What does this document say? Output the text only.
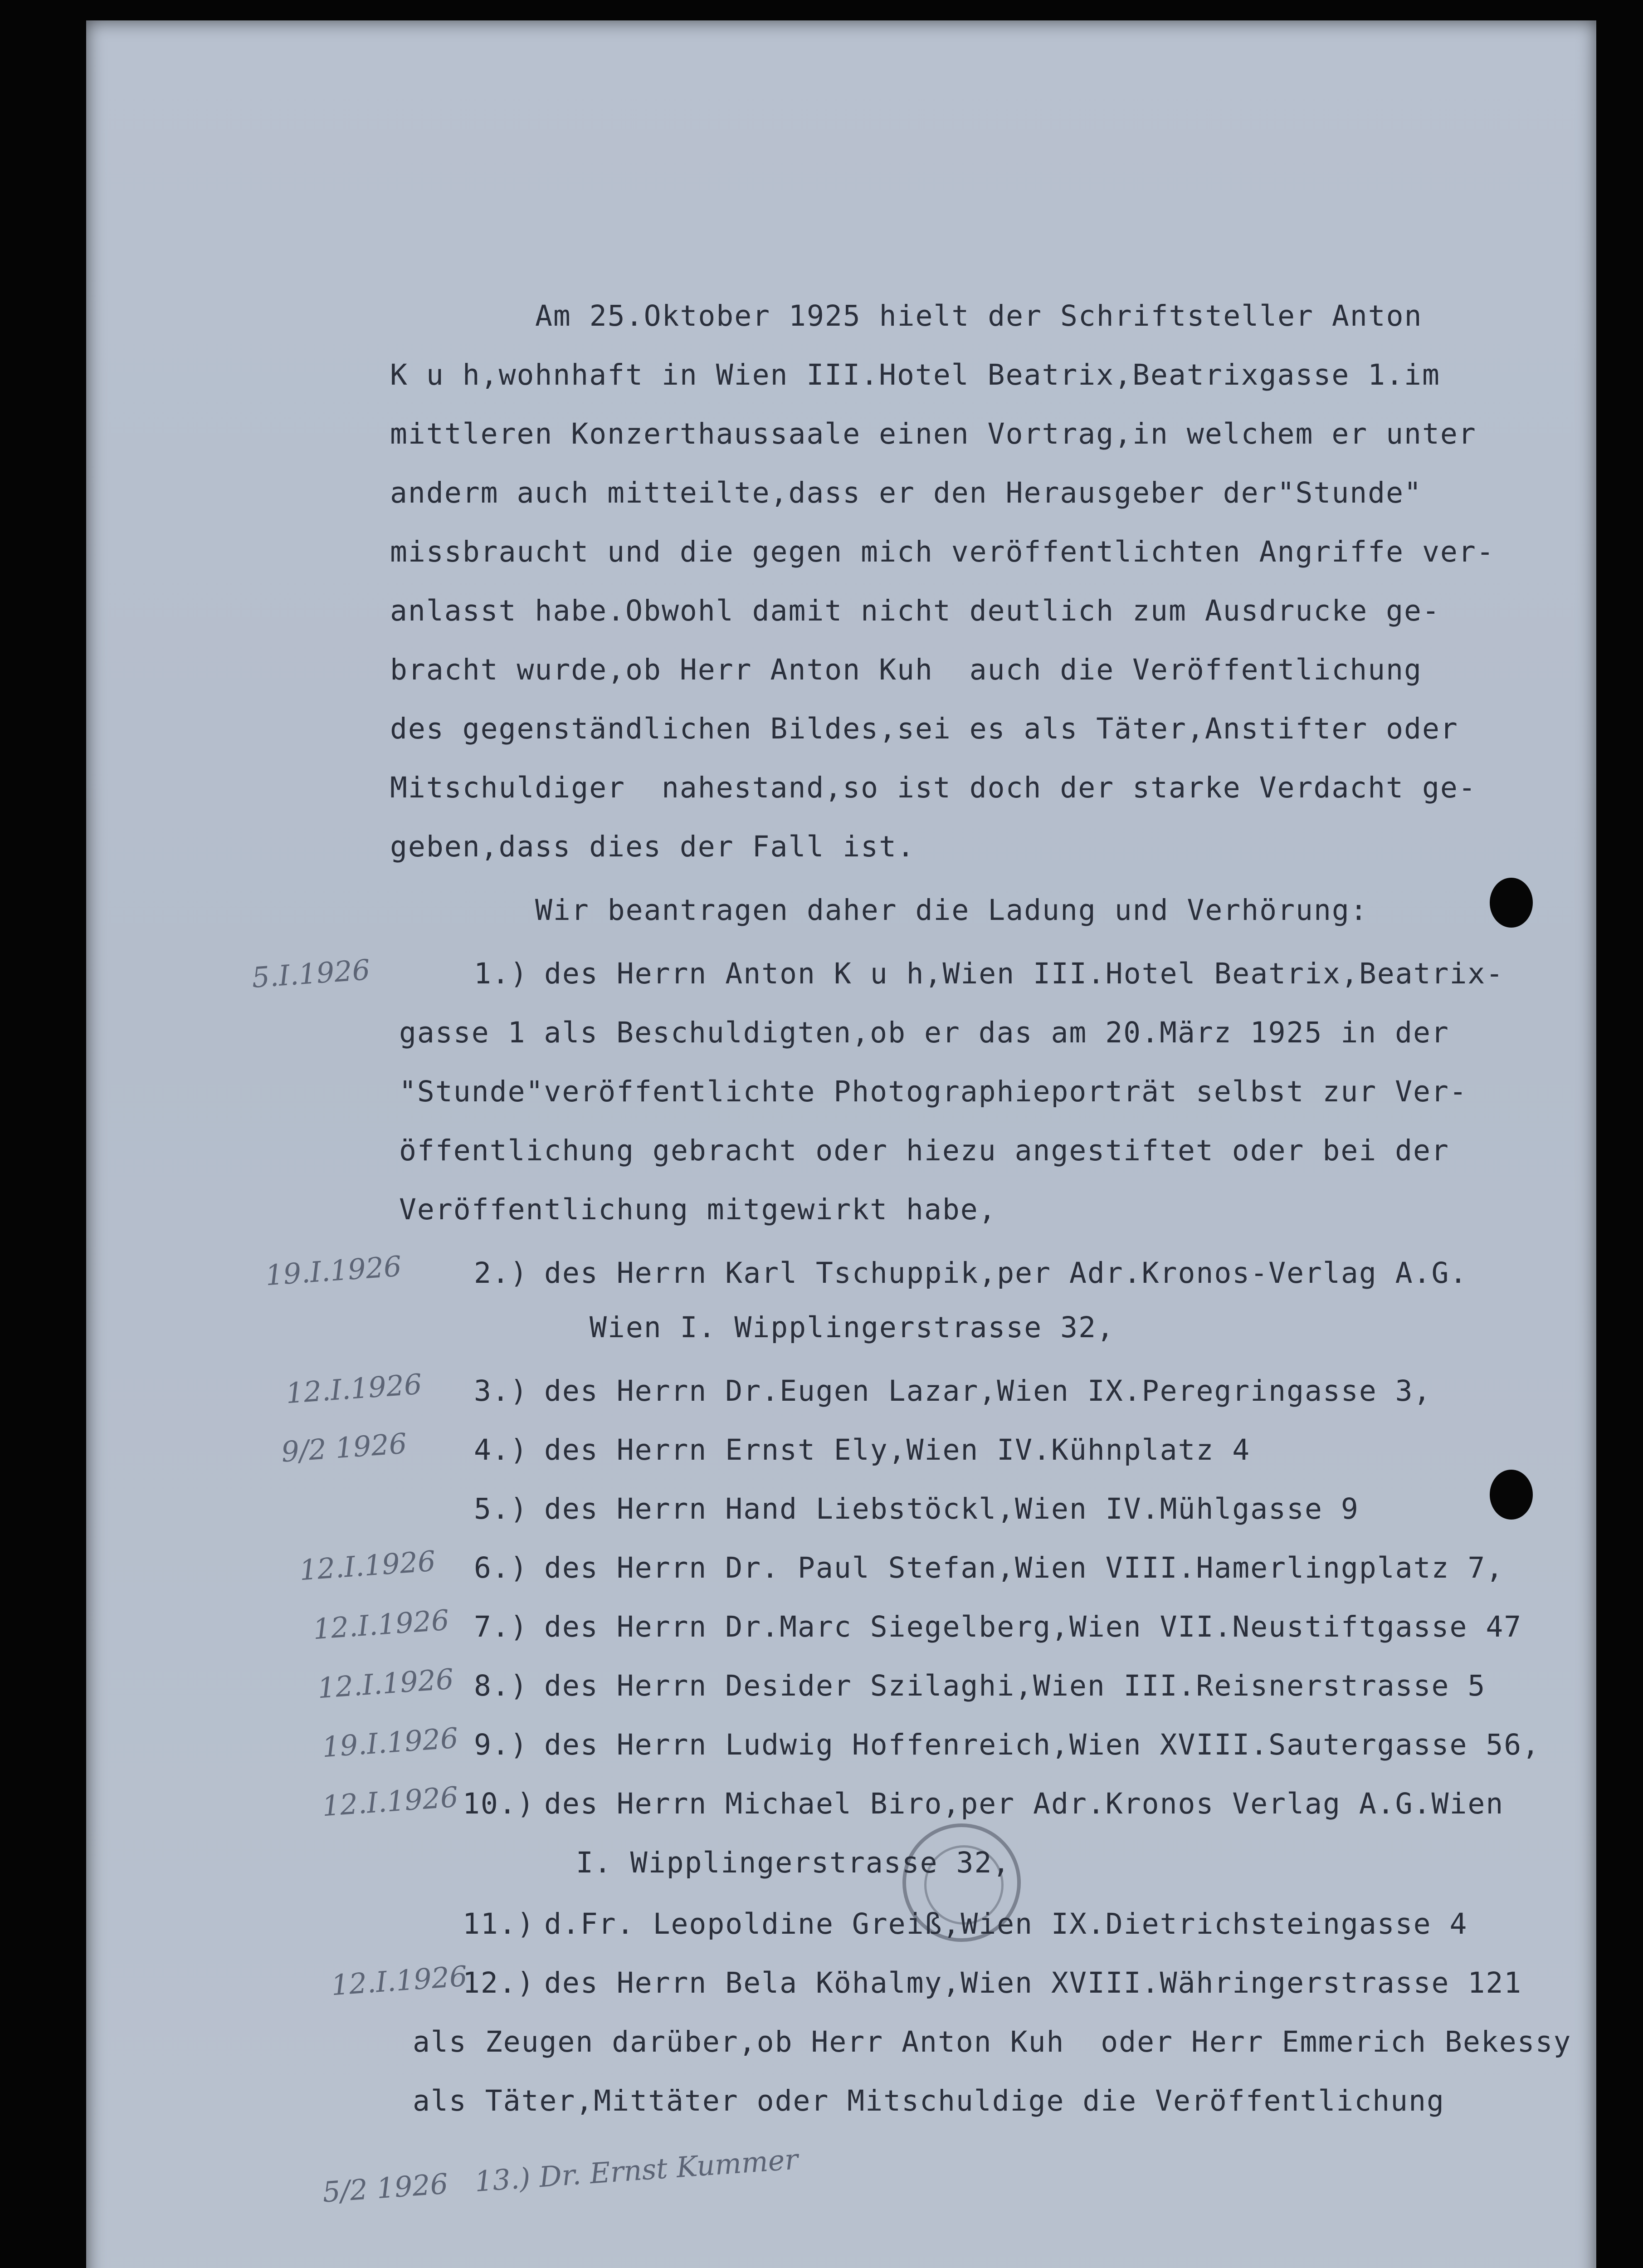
Am 25.Oktober 1925 hielt der Schriftsteller Anton
K u h,wohnhaft in Wien III.Hotel Beatrix,Beatrixgasse 1.im
mittleren Konzerthaussaale einen Vortrag,in welchem er unter
anderm auch mitteilte,dass er den Herausgeber der"Stunde"
missbraucht und die gegen mich veröffentlichten Angriffe ver-
anlasst habe.Obwohl damit nicht deutlich zum Ausdrucke ge-
bracht wurde,ob Herr Anton Kuh  auch die Veröffentlichung
des gegenständlichen Bildes,sei es als Täter,Anstifter oder
Mitschuldiger  nahestand,so ist doch der starke Verdacht ge-
geben,dass dies der Fall ist.
Wir beantragen daher die Ladung und Verhörung:
5.I.1926	1.) des Herrn Anton K u h,Wien III.Hotel Beatrix,Beatrix-
gasse 1 als Beschuldigten,ob er das am 20.März 1925 in der
"Stunde"veröffentlichte Photographieporträt selbst zur Ver-
öffentlichung gebracht oder hiezu angestiftet oder bei der
Veröffentlichung mitgewirkt habe,
19.I.1926 2.) des Herrn Karl Tschuppik,per Adr.Kronos-Verlag A.G.
Wien I. Wipplingerstrasse 32,
12.I.1926 3.) des Herrn Dr.Eugen Lazar,Wien IX.Peregringasse 3,
9/2 1926 4.) des Herrn Ernst Ely,Wien IV.Kühnplatz 4
5.) des Herrn Hand Liebstöckl,Wien IV.Mühlgasse 9
12.I.1926 6.) des Herrn Dr. Paul Stefan,Wien VIII.Hamerlingplatz 7,
12.I.1926 7.) des Herrn Dr.Marc Siegelberg,Wien VII.Neustiftgasse 47
12.I.1926 8.) des Herrn Desider Szilaghi,Wien III.Reisnerstrasse 5
19.I.1926 9.) des Herrn Ludwig Hoffenreich,Wien XVIII.Sautergasse 56,
12.I.1926 10.) des Herrn Michael Biro,per Adr.Kronos Verlag A.G.Wien
I. Wipplingerstrasse 32,
11.) d.Fr. Leopoldine Greiß,Wien IX.Dietrichsteingasse 4
12.I.1926
12.) des Herrn Bela Köhalmy,Wien XVIII.Währingerstrasse 121
als Zeugen darüber,ob Herr Anton Kuh  oder Herr Emmerich Bekessy
als Täter,Mittäter oder Mitschuldige die Veröffentlichung
5/2 1926   13.) Dr. Ernst Kummer
